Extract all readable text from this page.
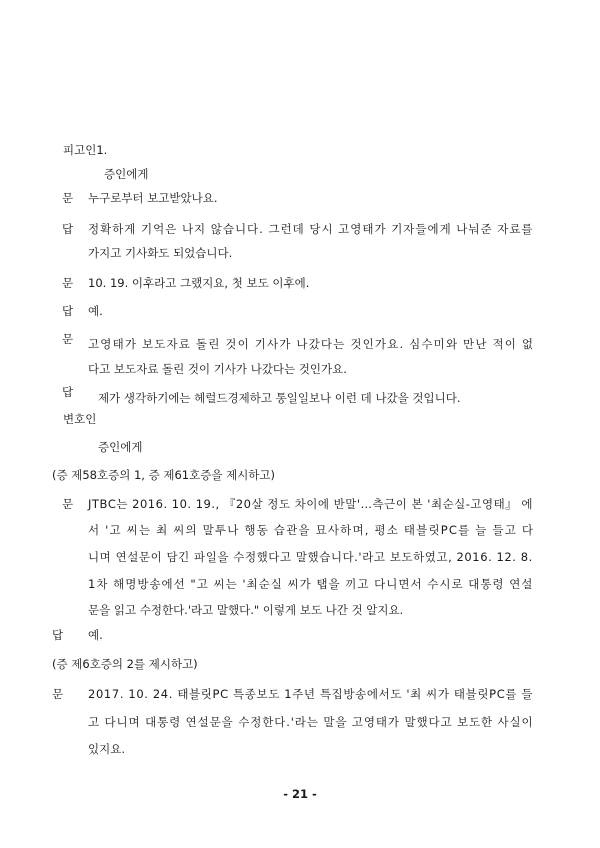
피고인1.
증인에게
문	누구로부터 보고받았나요.
답	정 확 하 게
기 억 은
나 지
않 습 니 다 .
그 런 데
당 시
고 영 태 가
기 자 들 에 게
나 눠 준
자 료 를
가지고 기사화도 되었습니다.
문	10. 19. 이후라고 그랬지요, 첫 보도 이후에.
답	예.
문	고 영 태 가
보 도 자 료
돌 린
것 이
기 사 가
나 갔 다 는
것 인 가 요 .
심 수 미 와
만 난
적 이
없
다고 보도자료 돌린 것이 기사가 나갔다는 것인가요.
답	제가 생각하기에는 헤럴드경제하고 통일일보나 이런 데 나갔을 것입니다.
변호인
증인에게
(증 제58호증의 1, 증 제61호증을 제시하고)
문	J T B C 는
2 0 1 6 .
1 0 .
1 9 . ,
『 2 0 살
정 도
차 이 에
반 말 ' … 측 근 이
본
' 최 순 실 - 고 영 태 』
에
서
' 고
씨 는
최
씨 의
말 투 나
행 동
습 관 을
묘 사 하 며 ,
평 소
태 블 릿 P C 를
늘
들 고
다
니 며
연 설 문 이
담 긴
파 일 을
수 정 했 다 고
말 했 습 니 다 . ' 라 고
보 도 하 였 고 ,
2 0 1 6 .
1 2 .
8 .
1 차
해 명 방 송 에 선
" 고
씨 는
' 최 순 실
씨 가
탭 을
끼 고
다 니 면 서
수 시 로
대 통 령
연 설
문을 읽고 수정한다.'라고 말했다." 이렇게 보도 나간 것 알지요.
답	예.
(증 제6호증의 2를 제시하고)
문	2 0 1 7 .
1 0 .
2 4 .
태 블 릿 P C
특 종 보 도
1 주 년
특 집 방 송 에 서 도
' 최
씨 가
태 블 릿 P C 를
들
고
다 니 며
대 통 령
연 설 문 을
수 정 한 다 . ' 라 는
말 을
고 영 태 가
말 했 다 고
보 도 한
사 실 이
있지요.
- 21 -
